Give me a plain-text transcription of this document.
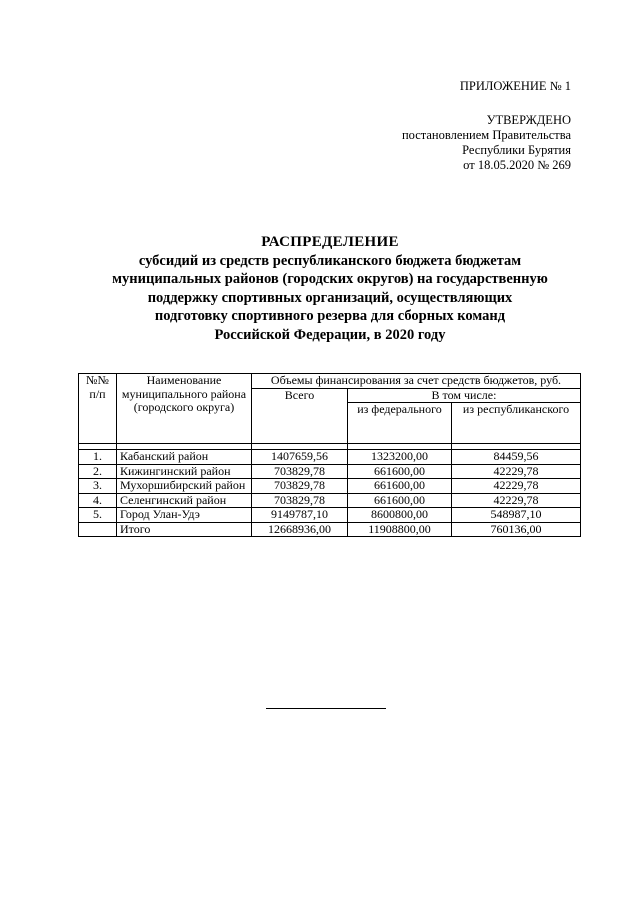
ПРИЛОЖЕНИЕ № 1
УТВЕРЖДЕНО
постановлением Правительства
Республики Бурятия
от 18.05.2020 № 269
РАСПРЕДЕЛЕНИЕ
субсидий из средств республиканского бюджета бюджетам
муниципальных районов (городских округов) на государственную
поддержку спортивных организаций, осуществляющих
подготовку спортивного резерва для сборных команд
Российской Федерации, в 2020 году
№№ п/п	Наименование муниципального района (городского округа)	Объемы финансирования за счет средств бюджетов, руб.		
		Всего	В том числе:	
			из федерального	из республиканского

1.	Кабанский район	1407659,56	1323200,00	84459,56
2.	Кижингинский район	703829,78	661600,00	42229,78
3.	Мухоршибирский район	703829,78	661600,00	42229,78
4.	Селенгинский район	703829,78	661600,00	42229,78
5.	Город Улан-Удэ	9149787,10	8600800,00	548987,10
	Итого	12668936,00	11908800,00	760136,00
